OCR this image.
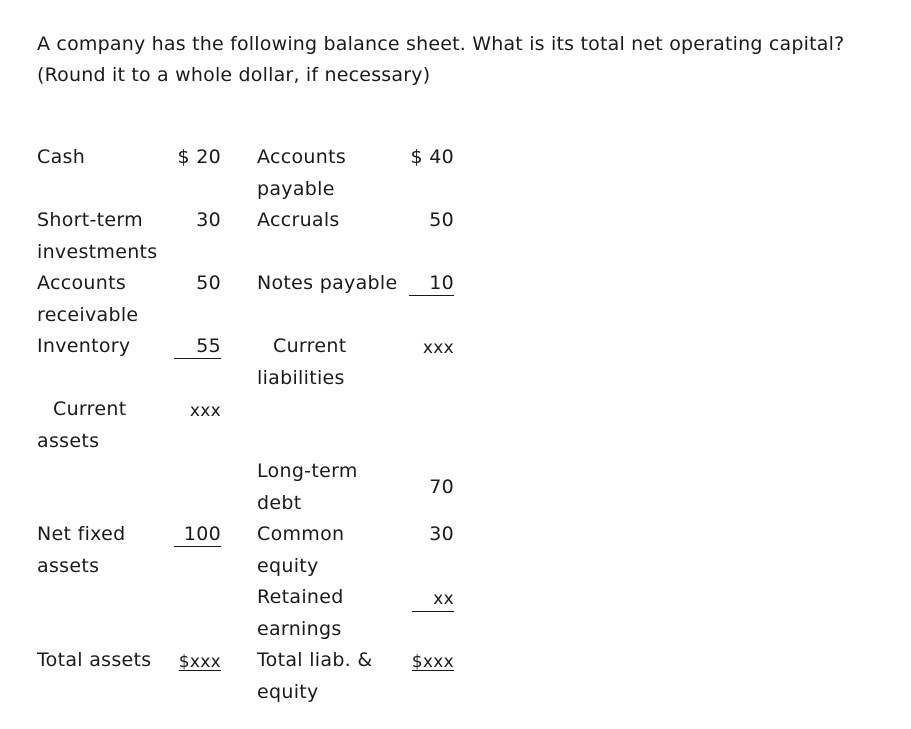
A company has the following balance sheet. What is its total net operating capital?

(Round it to a whole dollar, if necessary)

Cash
Short-term investments
Accounts receivable
Inventory
Current assets
Net fixed assets
Total assets
$ 20
30
50
55
xxx
100
$xxx
Accounts payable
Accruals
Notes payable
Current liabilities
Long-term debt
Common equity
Retained earnings
Total liab. & equity
$ 40
50
10
xxx
70
30
xx
$xxx
